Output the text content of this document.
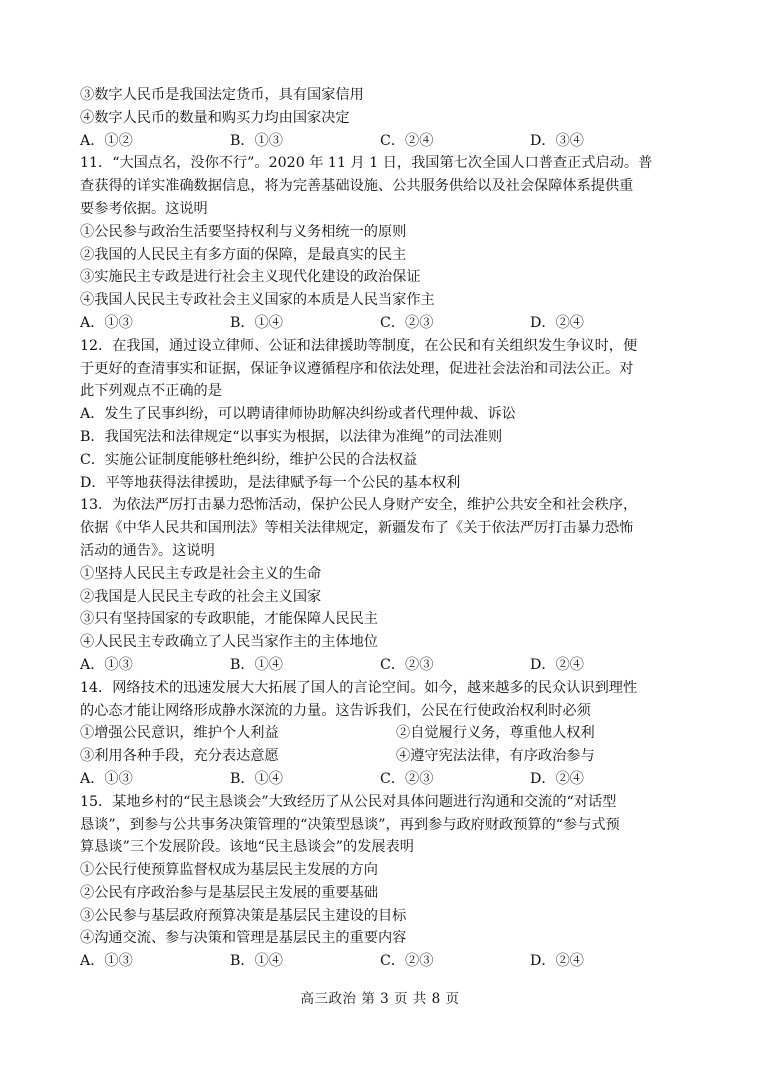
③数字人民币是我国法定货币，具有国家信用
④数字人民币的数量和购买力均由国家决定
A．①②	B．①③	C．②④	D．③④
11．“大国点名，没你不行”。2020 年 11 月 1 日，我国第七次全国人口普查正式启动。普
查获得的详实准确数据信息，将为完善基础设施、公共服务供给以及社会保障体系提供重
要参考依据。这说明
①公民参与政治生活要坚持权利与义务相统一的原则
②我国的人民民主有多方面的保障，是最真实的民主
③实施民主专政是进行社会主义现代化建设的政治保证
④我国人民民主专政社会主义国家的本质是人民当家作主
A．①③	B．①④	C．②③	D．②④
12．在我国，通过设立律师、公证和法律援助等制度，在公民和有关组织发生争议时，便
于更好的查清事实和证据，保证争议遵循程序和依法处理，促进社会法治和司法公正。对
此下列观点不正确的是
A．发生了民事纠纷，可以聘请律师协助解决纠纷或者代理仲裁、诉讼
B．我国宪法和法律规定“以事实为根据，以法律为准绳”的司法准则
C．实施公证制度能够杜绝纠纷，维护公民的合法权益
D．平等地获得法律援助，是法律赋予每一个公民的基本权利
13．为依法严厉打击暴力恐怖活动，保护公民人身财产安全，维护公共安全和社会秩序，
依据《中华人民共和国刑法》等相关法律规定，新疆发布了《关于依法严厉打击暴力恐怖
活动的通告》。这说明
①坚持人民民主专政是社会主义的生命
②我国是人民民主专政的社会主义国家
③只有坚持国家的专政职能，才能保障人民民主
④人民民主专政确立了人民当家作主的主体地位
A．①③	B．①④	C．②③	D．②④
14．网络技术的迅速发展大大拓展了国人的言论空间。如今，越来越多的民众认识到理性
的心态才能让网络形成静水深流的力量。这告诉我们，公民在行使政治权利时必须
①增强公民意识，维护个人利益	②自觉履行义务，尊重他人权利
③利用各种手段，充分表达意愿	④遵守宪法法律，有序政治参与
A．①③	B．①④	C．②③	D．②④
15．某地乡村的“民主恳谈会”大致经历了从公民对具体问题进行沟通和交流的“对话型
恳谈”，到参与公共事务决策管理的“决策型恳谈”，再到参与政府财政预算的“参与式预
算恳谈”三个发展阶段。该地“民主恳谈会”的发展表明
①公民行使预算监督权成为基层民主发展的方向
②公民有序政治参与是基层民主发展的重要基础
③公民参与基层政府预算决策是基层民主建设的目标
④沟通交流、参与决策和管理是基层民主的重要内容
A．①③	B．①④	C．②③	D．②④
高三政治 第 3 页 共 8 页
